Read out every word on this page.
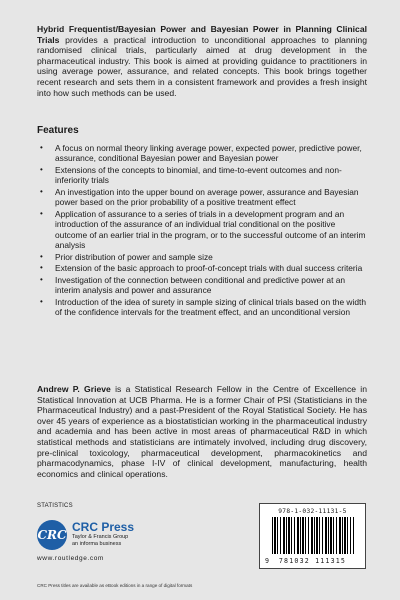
Hybrid Frequentist/Bayesian Power and Bayesian Power in Planning Clinical Trials provides a practical introduction to unconditional approaches to planning randomised clinical trials, particularly aimed at drug development in the pharmaceutical industry. This book is aimed at providing guidance to practitioners in using average power, assurance, and related concepts. This book brings together recent research and sets them in a consistent framework and provides a fresh insight into how such methods can be used.
Features
• A focus on normal theory linking average power, expected power, predictive power, assurance, conditional Bayesian power and Bayesian power
• Extensions of the concepts to binomial, and time-to-event outcomes and non-inferiority trials
• An investigation into the upper bound on average power, assurance and Bayesian power based on the prior probability of a positive treatment effect
• Application of assurance to a series of trials in a development program and an introduction of the assurance of an individual trial conditional on the positive outcome of an earlier trial in the program, or to the successful outcome of an interim analysis
• Prior distribution of power and sample size
• Extension of the basic approach to proof-of-concept trials with dual success criteria
• Investigation of the connection between conditional and predictive power at an interim analysis and power and assurance
• Introduction of the idea of surety in sample sizing of clinical trials based on the width of the confidence intervals for the treatment effect, and an unconditional version
Andrew P. Grieve is a Statistical Research Fellow in the Centre of Excellence in Statistical Innovation at UCB Pharma. He is a former Chair of PSI (Statisticians in the Pharmaceutical Industry) and a past-President of the Royal Statistical Society. He has over 45 years of experience as a biostatistician working in the pharmaceutical industry and academia and has been active in most areas of pharmaceutical R&D in which statistical methods and statisticians are intimately involved, including drug discovery, pre-clinical toxicology, pharmaceutical development, pharmacokinetics and pharmacodynamics, phase I-IV of clinical development, manufacturing, health economics and clinical operations.
STATISTICS
CRC
CRC Press
Taylor & Francis Group
an informa business
www.routledge.com
CRC Press titles are available as eBook editions in a range of digital formats
978-1-032-11131-5
9 781032 111315
